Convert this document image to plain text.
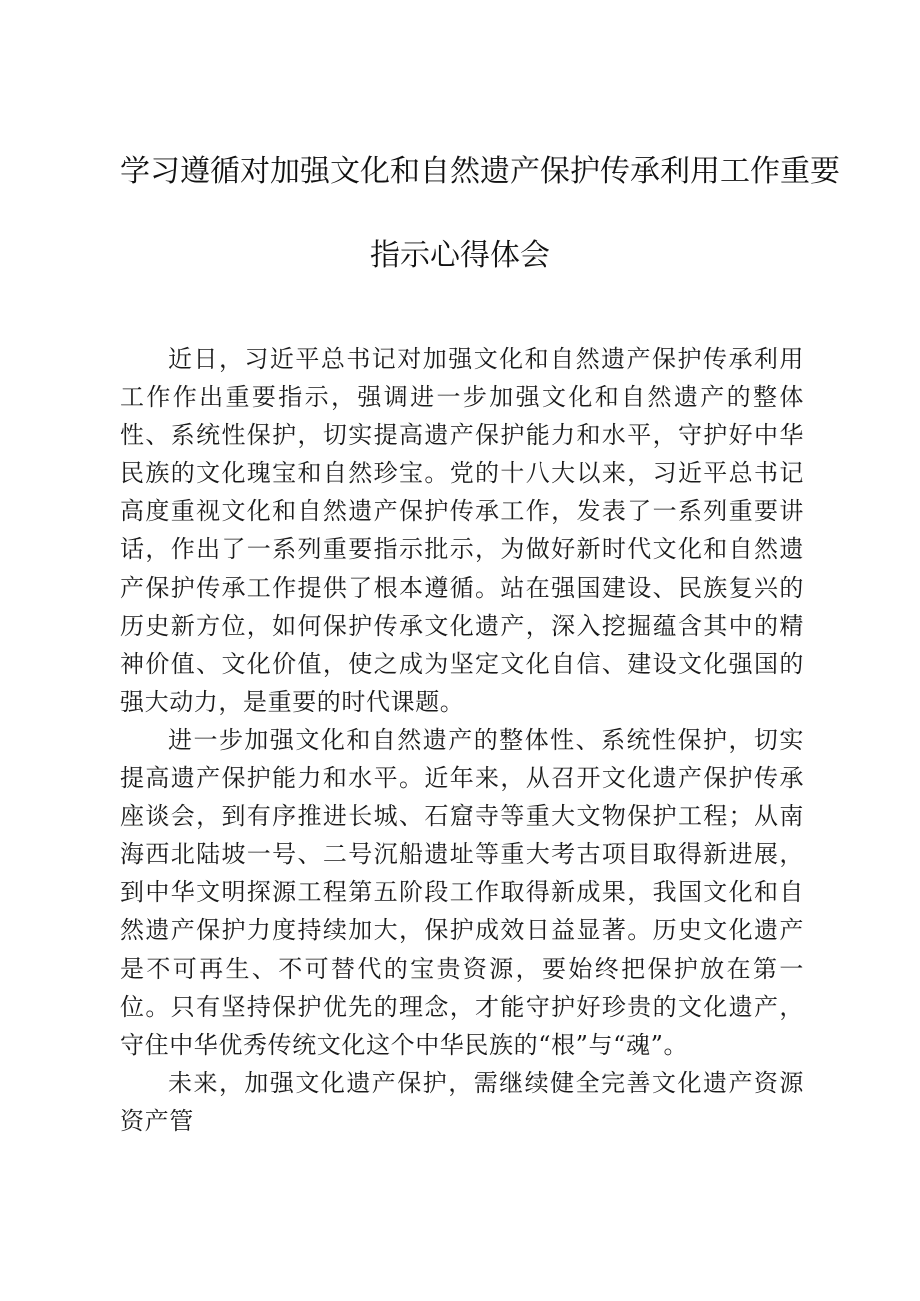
学习遵循对加强文化和自然遗产保护传承利用工作重要
指示心得体会

近日，习近平总书记对加强文化和自然遗产保护传承利用工作作出重要指示，强调进一步加强文化和自然遗产的整体性、系统性保护，切实提高遗产保护能力和水平，守护好中华民族的文化瑰宝和自然珍宝。党的十八大以来，习近平总书记高度重视文化和自然遗产保护传承工作，发表了一系列重要讲话，作出了一系列重要指示批示，为做好新时代文化和自然遗产保护传承工作提供了根本遵循。站在强国建设、民族复兴的历史新方位，如何保护传承文化遗产，深入挖掘蕴含其中的精神价值、文化价值，使之成为坚定文化自信、建设文化强国的强大动力，是重要的时代课题。

进一步加强文化和自然遗产的整体性、系统性保护，切实提高遗产保护能力和水平。近年来，从召开文化遗产保护传承座谈会，到有序推进长城、石窟寺等重大文物保护工程；从南海西北陆坡一号、二号沉船遗址等重大考古项目取得新进展，到中华文明探源工程第五阶段工作取得新成果，我国文化和自然遗产保护力度持续加大，保护成效日益显著。历史文化遗产是不可再生、不可替代的宝贵资源，要始终把保护放在第一位。只有坚持保护优先的理念，才能守护好珍贵的文化遗产，守住中华优秀传统文化这个中华民族的“根”与“魂”。

未来，加强文化遗产保护，需继续健全完善文化遗产资源资产管
